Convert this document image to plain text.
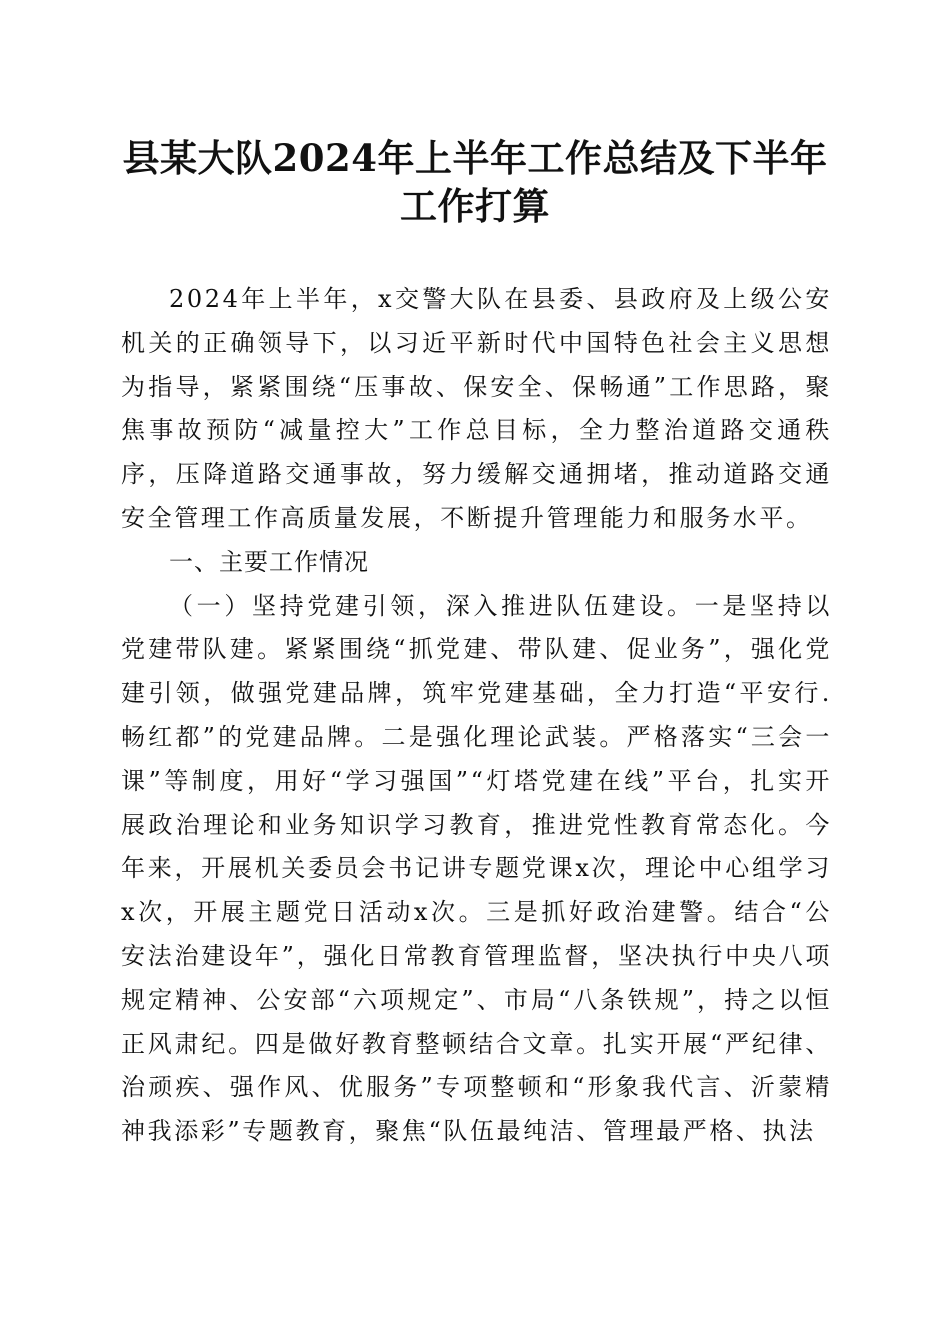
县某大队2024年上半年工作总结及下半年工作打算

2024年上半年，x交警大队在县委、县政府及上级公安机关的正确领导下，以习近平新时代中国特色社会主义思想为指导，紧紧围绕“压事故、保安全、保畅通”工作思路，聚焦事故预防“减量控大”工作总目标，全力整治道路交通秩序，压降道路交通事故，努力缓解交通拥堵，推动道路交通安全管理工作高质量发展，不断提升管理能力和服务水平。

一、主要工作情况

（一）坚持党建引领，深入推进队伍建设。一是坚持以党建带队建。紧紧围绕“抓党建、带队建、促业务”，强化党建引领，做强党建品牌，筑牢党建基础，全力打造“平安行.畅红都”的党建品牌。二是强化理论武装。严格落实“三会一课”等制度，用好“学习强国”“灯塔党建在线”平台，扎实开展政治理论和业务知识学习教育，推进党性教育常态化。今年来，开展机关委员会书记讲专题党课x次，理论中心组学习x次，开展主题党日活动x次。三是抓好政治建警。结合“公安法治建设年”，强化日常教育管理监督，坚决执行中央八项规定精神、公安部“六项规定”、市局“八条铁规”，持之以恒正风肃纪。四是做好教育整顿结合文章。扎实开展“严纪律、治顽疾、强作风、优服务”专项整顿和“形象我代言、沂蒙精神我添彩”专题教育，聚焦“队伍最纯洁、管理最严格、执法
